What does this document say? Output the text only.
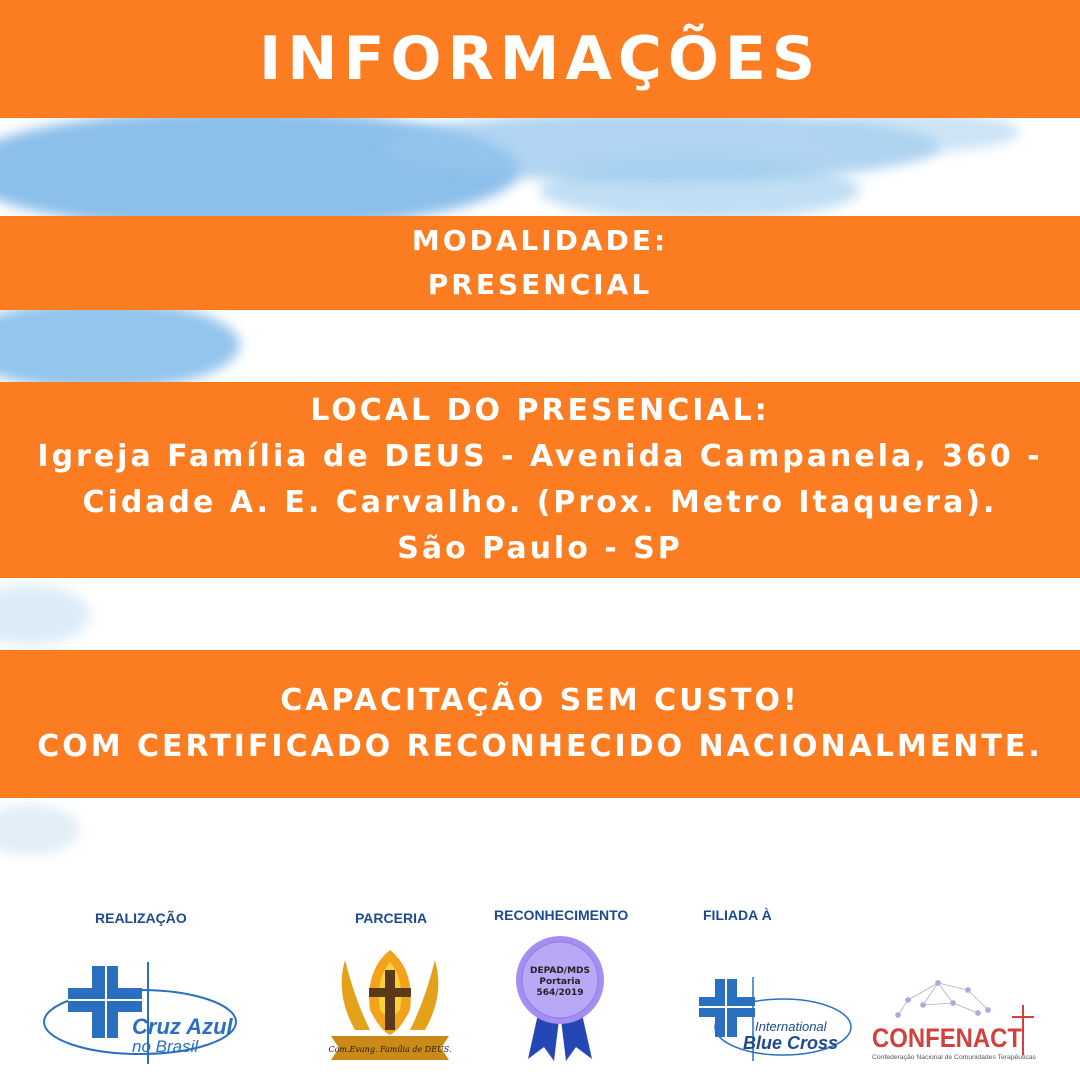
INFORMAÇÕES
MODALIDADE:
PRESENCIAL
LOCAL DO PRESENCIAL:
Igreja Família de DEUS - Avenida Campanela, 360 -
Cidade A. E. Carvalho. (Prox. Metro Itaquera).
São Paulo - SP
CAPACITAÇÃO SEM CUSTO!
COM CERTIFICADO RECONHECIDO NACIONALMENTE.
REALIZAÇÃO	PARCERIA	RECONHECIMENTO	FILIADA À
Cruz Azul
no Brasil	Com.Evang. Família de DEUS.
DEPAD/MDS
Portaria
564/2019
International
Blue Cross CONFENACT
Confederação Nacional de Comunidades Terapêuticas
